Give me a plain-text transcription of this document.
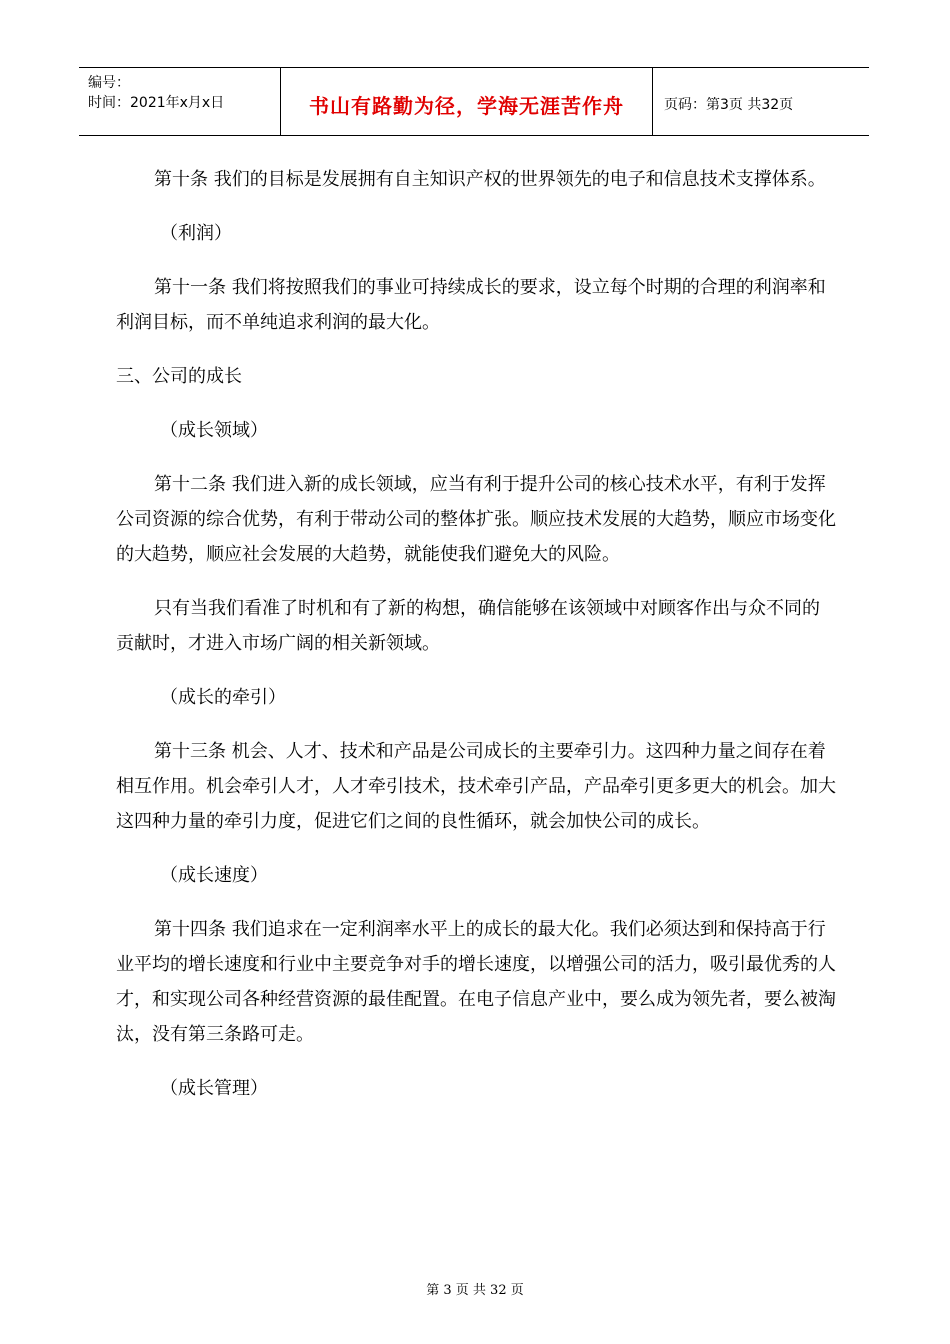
编号：
时间：2021年x月x日	书山有路勤为径，学海无涯苦作舟	页码：第3页 共32页

第十条 我们的目标是发展拥有自主知识产权的世界领先的电子和信息技术支撑体系。

（利润）

第十一条 我们将按照我们的事业可持续成长的要求，设立每个时期的合理的利润率和利润目标，而不单纯追求利润的最大化。

三、公司的成长

（成长领域）

第十二条 我们进入新的成长领域，应当有利于提升公司的核心技术水平，有利于发挥公司资源的综合优势，有利于带动公司的整体扩张。顺应技术发展的大趋势，顺应市场变化的大趋势，顺应社会发展的大趋势，就能使我们避免大的风险。

只有当我们看准了时机和有了新的构想，确信能够在该领域中对顾客作出与众不同的贡献时，才进入市场广阔的相关新领域。

（成长的牵引）

第十三条 机会、人才、技术和产品是公司成长的主要牵引力。这四种力量之间存在着相互作用。机会牵引人才，人才牵引技术，技术牵引产品，产品牵引更多更大的机会。加大这四种力量的牵引力度，促进它们之间的良性循环，就会加快公司的成长。

（成长速度）

第十四条 我们追求在一定利润率水平上的成长的最大化。我们必须达到和保持高于行业平均的增长速度和行业中主要竞争对手的增长速度，以增强公司的活力，吸引最优秀的人才，和实现公司各种经营资源的最佳配置。在电子信息产业中，要么成为领先者，要么被淘汰，没有第三条路可走。

（成长管理）

第 3 页 共 32 页
